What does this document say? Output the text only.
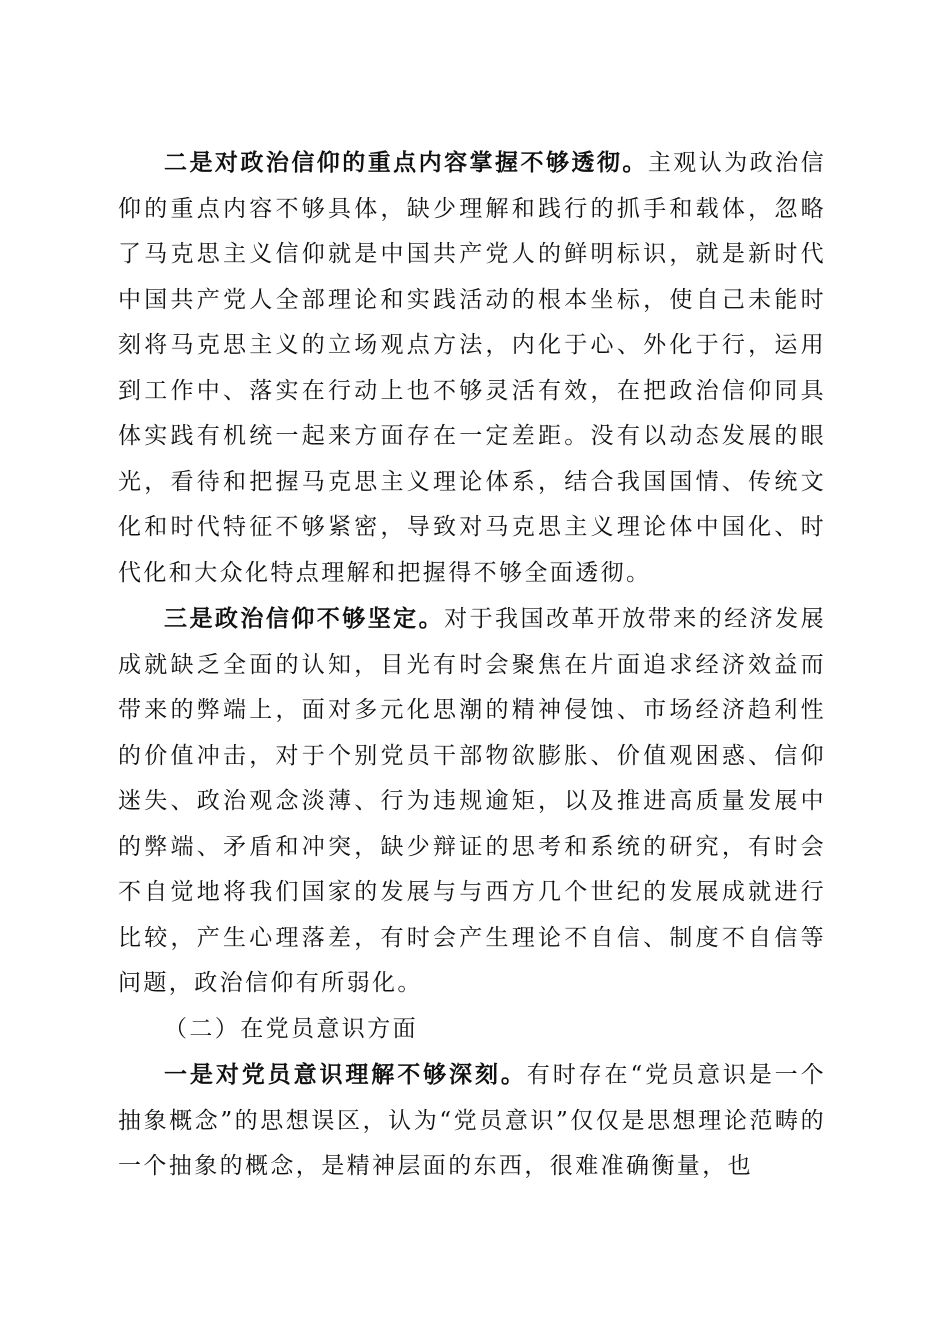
二是对政治信仰的重点内容掌握不够透彻。主观认为政治信仰的重点内容不够具体，缺少理解和践行的抓手和载体，忽略了马克思主义信仰就是中国共产党人的鲜明标识，就是新时代中国共产党人全部理论和实践活动的根本坐标，使自己未能时刻将马克思主义的立场观点方法，内化于心、外化于行，运用到工作中、落实在行动上也不够灵活有效，在把政治信仰同具体实践有机统一起来方面存在一定差距。没有以动态发展的眼光，看待和把握马克思主义理论体系，结合我国国情、传统文化和时代特征不够紧密，导致对马克思主义理论体中国化、时代化和大众化特点理解和把握得不够全面透彻。

三是政治信仰不够坚定。对于我国改革开放带来的经济发展成就缺乏全面的认知，目光有时会聚焦在片面追求经济效益而带来的弊端上，面对多元化思潮的精神侵蚀、市场经济趋利性的价值冲击，对于个别党员干部物欲膨胀、价值观困惑、信仰迷失、政治观念淡薄、行为违规逾矩，以及推进高质量发展中的弊端、矛盾和冲突，缺少辩证的思考和系统的研究，有时会不自觉地将我们国家的发展与与西方几个世纪的发展成就进行比较，产生心理落差，有时会产生理论不自信、制度不自信等问题，政治信仰有所弱化。

（二）在党员意识方面

一是对党员意识理解不够深刻。有时存在“党员意识是一个抽象概念”的思想误区，认为“党员意识”仅仅是思想理论范畴的一个抽象的概念，是精神层面的东西，很难准确衡量，也
